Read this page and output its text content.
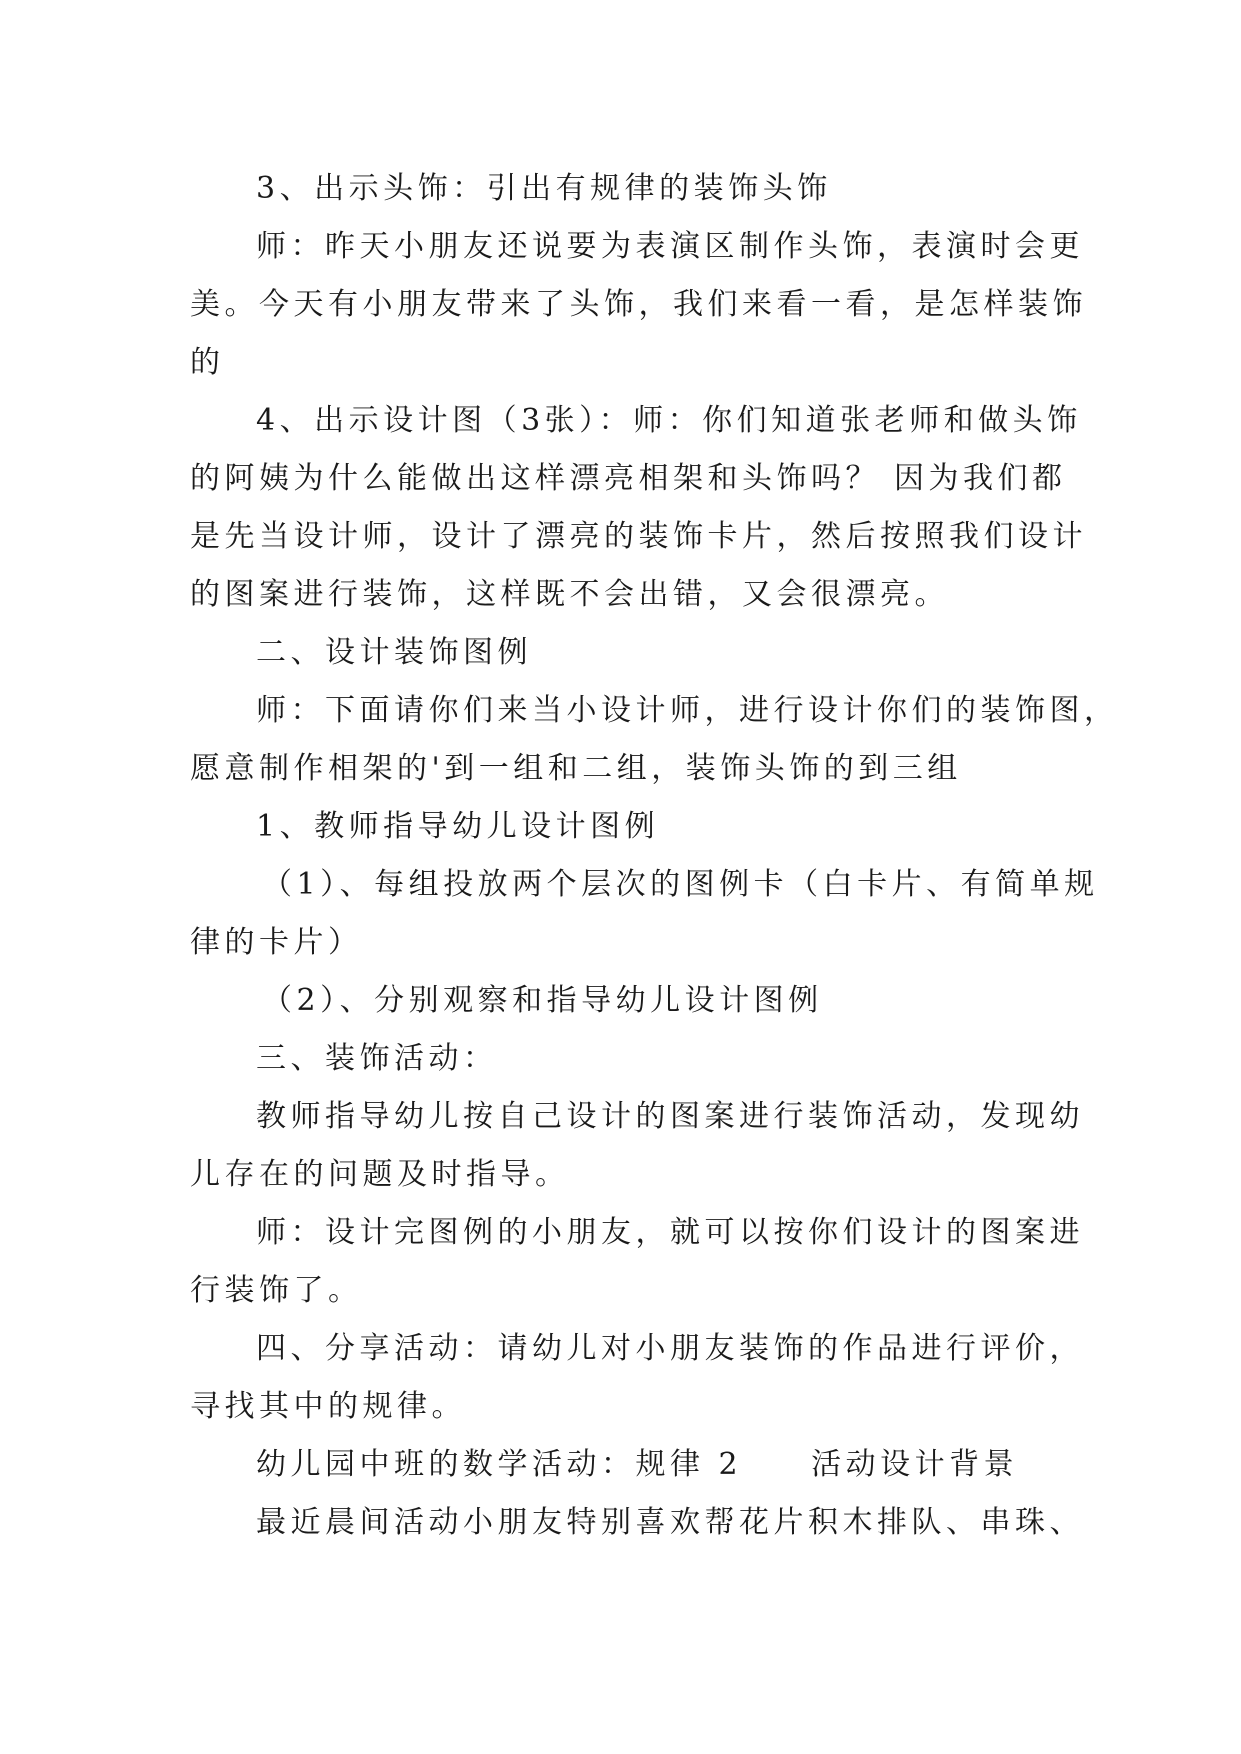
3、出示头饰：引出有规律的装饰头饰
师：昨天小朋友还说要为表演区制作头饰，表演时会更
美。今天有小朋友带来了头饰，我们来看一看，是怎样装饰
的
4、出示设计图（3张）：师：你们知道张老师和做头饰
的阿姨为什么能做出这样漂亮相架和头饰吗？ 因为我们都
是先当设计师，设计了漂亮的装饰卡片，然后按照我们设计
的图案进行装饰，这样既不会出错，又会很漂亮。
二、设计装饰图例
师：下面请你们来当小设计师，进行设计你们的装饰图，
愿意制作相架的'到一组和二组，装饰头饰的到三组
1、教师指导幼儿设计图例
（1）、每组投放两个层次的图例卡（白卡片、有简单规
律的卡片）
（2）、分别观察和指导幼儿设计图例
三、装饰活动：
教师指导幼儿按自己设计的图案进行装饰活动，发现幼
儿存在的问题及时指导。
师：设计完图例的小朋友，就可以按你们设计的图案进
行装饰了。
四、分享活动：请幼儿对小朋友装饰的作品进行评价，
寻找其中的规律。
幼儿园中班的数学活动：规律 2　　活动设计背景
最近晨间活动小朋友特别喜欢帮花片积木排队、串珠、
